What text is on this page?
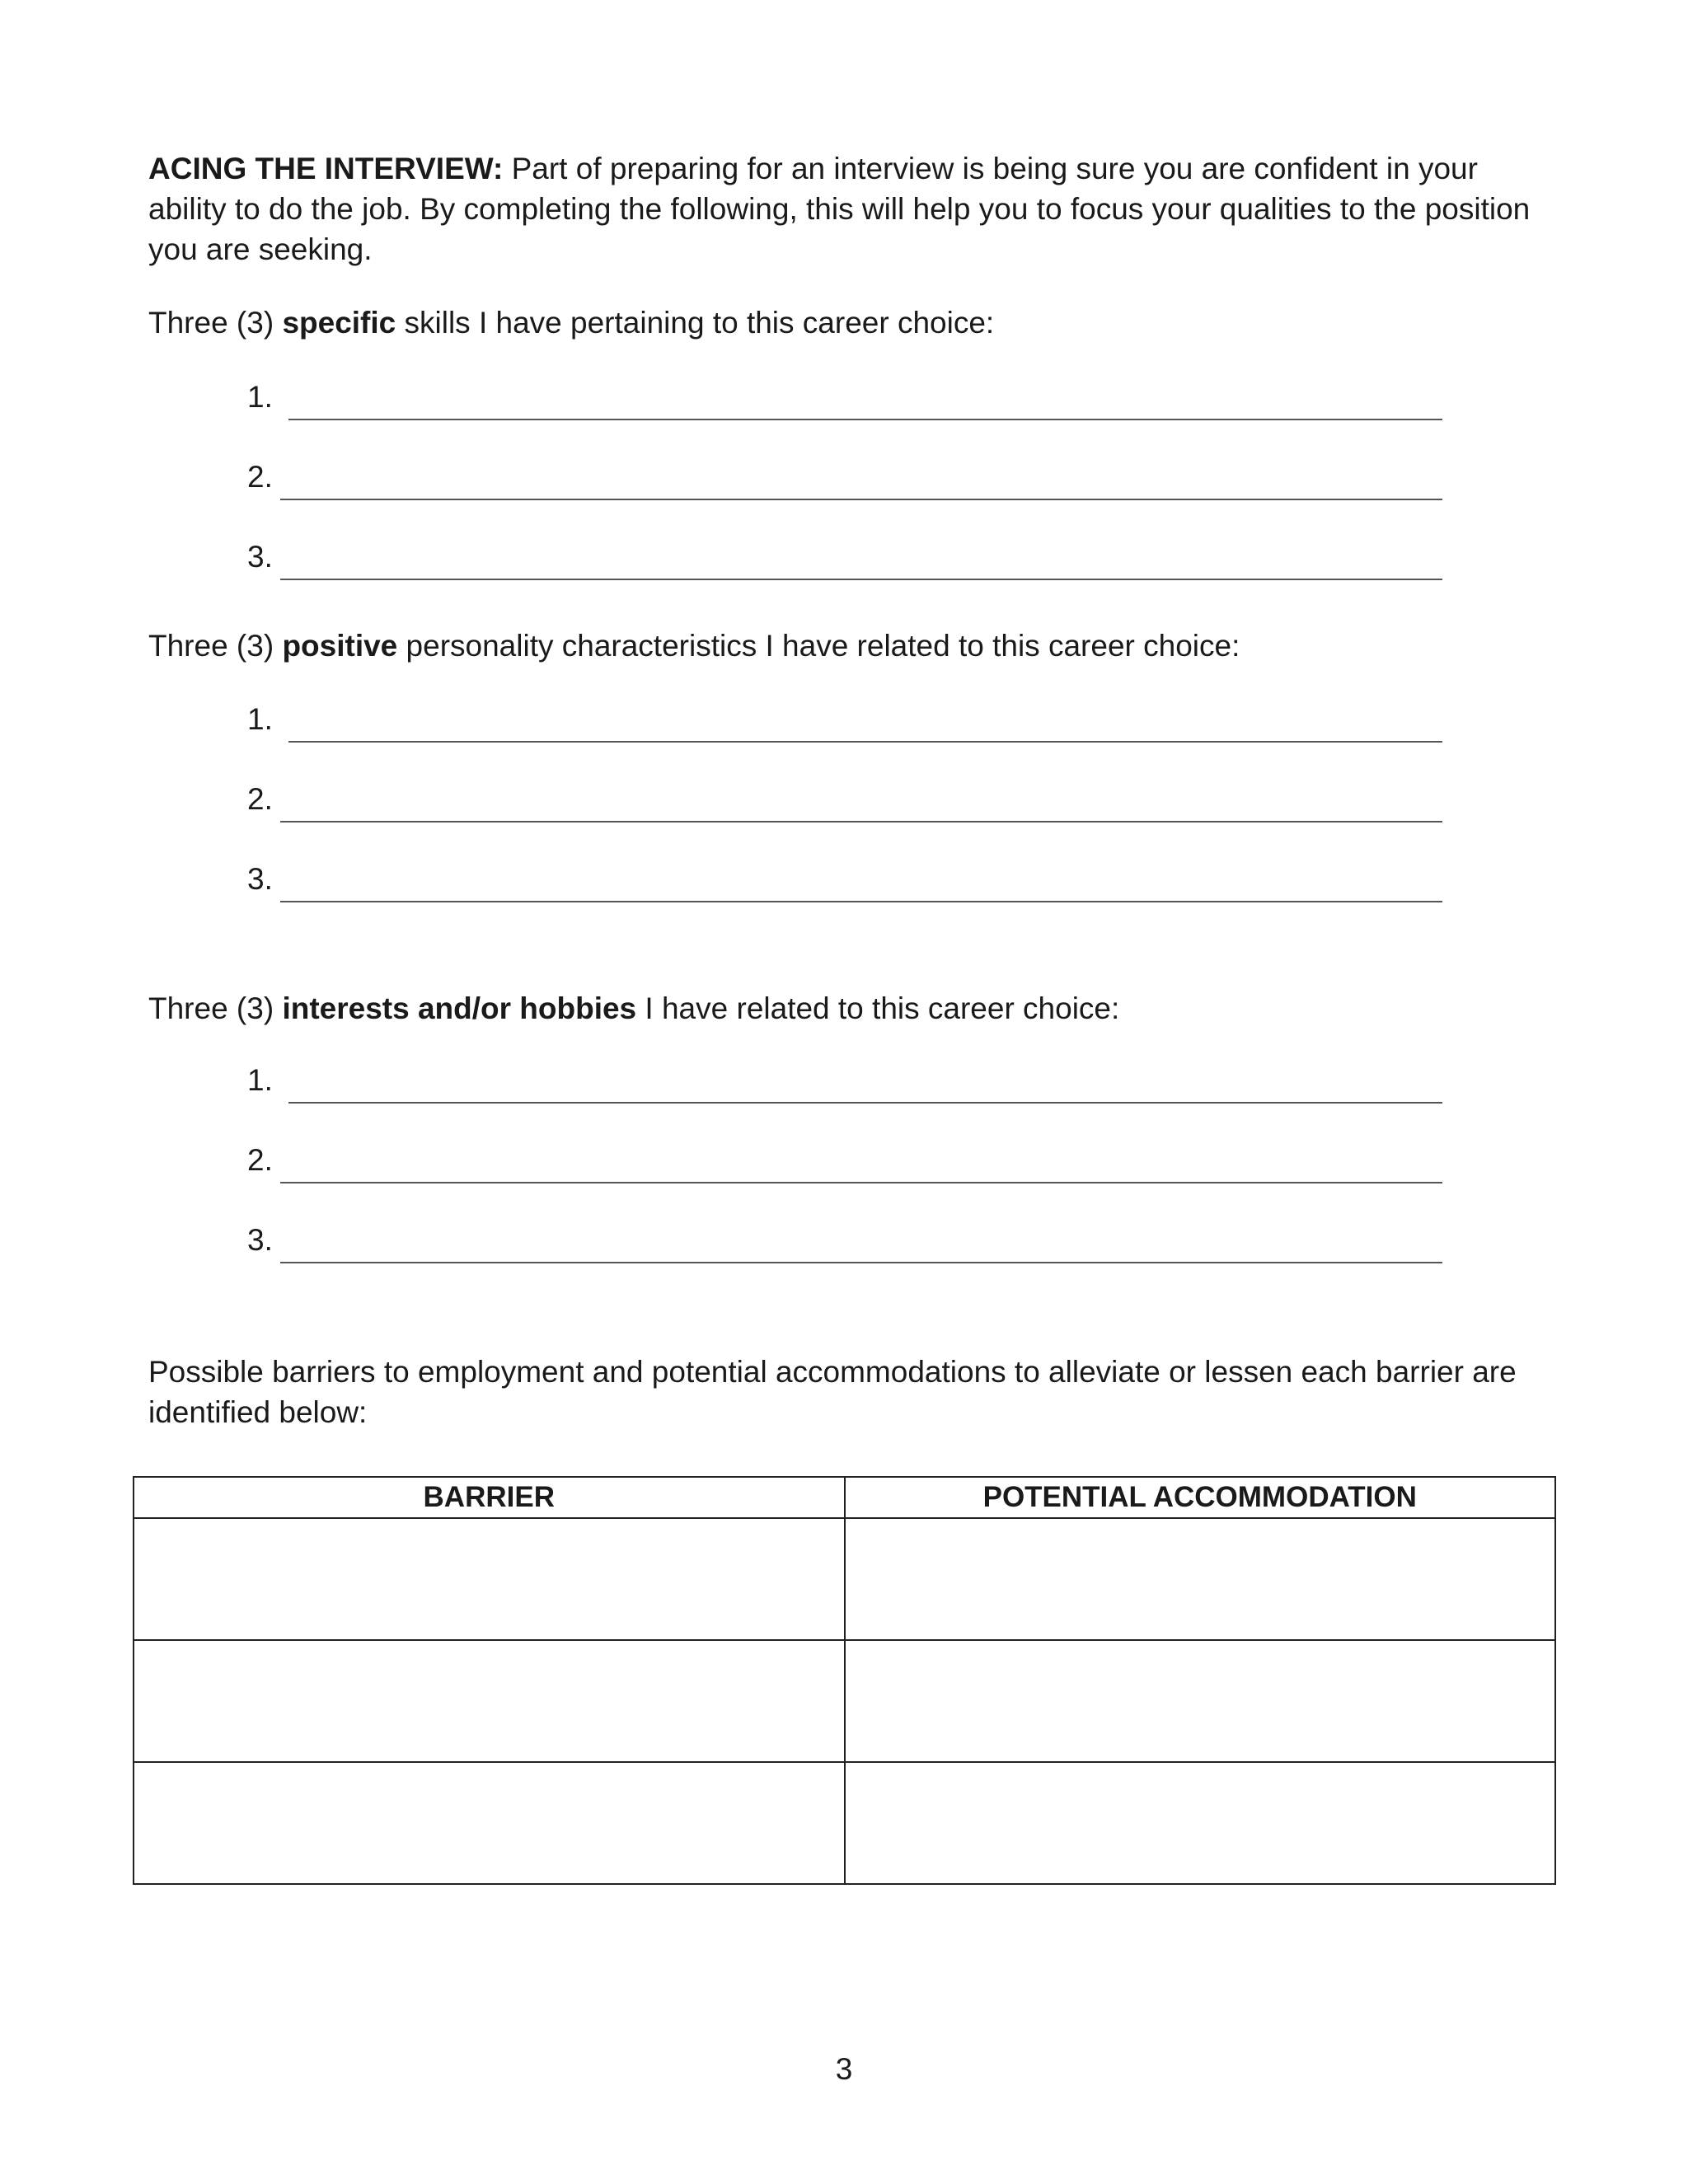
ACING THE INTERVIEW: Part of preparing for an interview is being sure you are confident in your ability to do the job. By completing the following, this will help you to focus your qualities to the position you are seeking.

Three (3) specific skills I have pertaining to this career choice:

1.
2.
3.

Three (3) positive personality characteristics I have related to this career choice:

1.
2.
3.

Three (3) interests and/or hobbies I have related to this career choice:

1.
2.
3.

Possible barriers to employment and potential accommodations to alleviate or lessen each barrier are identified below:

BARRIER	POTENTIAL ACCOMMODATION

3
